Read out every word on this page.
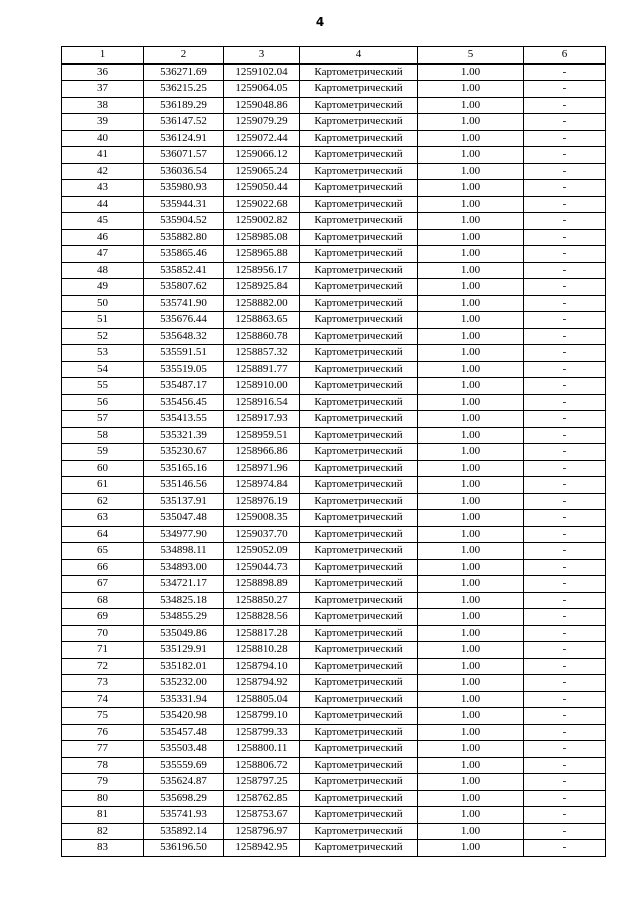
4
1	2	3	4	5	6
36	536271.69	1259102.04	Картометрический	1.00	-
37	536215.25	1259064.05	Картометрический	1.00	-
38	536189.29	1259048.86	Картометрический	1.00	-
39	536147.52	1259079.29	Картометрический	1.00	-
40	536124.91	1259072.44	Картометрический	1.00	-
41	536071.57	1259066.12	Картометрический	1.00	-
42	536036.54	1259065.24	Картометрический	1.00	-
43	535980.93	1259050.44	Картометрический	1.00	-
44	535944.31	1259022.68	Картометрический	1.00	-
45	535904.52	1259002.82	Картометрический	1.00	-
46	535882.80	1258985.08	Картометрический	1.00	-
47	535865.46	1258965.88	Картометрический	1.00	-
48	535852.41	1258956.17	Картометрический	1.00	-
49	535807.62	1258925.84	Картометрический	1.00	-
50	535741.90	1258882.00	Картометрический	1.00	-
51	535676.44	1258863.65	Картометрический	1.00	-
52	535648.32	1258860.78	Картометрический	1.00	-
53	535591.51	1258857.32	Картометрический	1.00	-
54	535519.05	1258891.77	Картометрический	1.00	-
55	535487.17	1258910.00	Картометрический	1.00	-
56	535456.45	1258916.54	Картометрический	1.00	-
57	535413.55	1258917.93	Картометрический	1.00	-
58	535321.39	1258959.51	Картометрический	1.00	-
59	535230.67	1258966.86	Картометрический	1.00	-
60	535165.16	1258971.96	Картометрический	1.00	-
61	535146.56	1258974.84	Картометрический	1.00	-
62	535137.91	1258976.19	Картометрический	1.00	-
63	535047.48	1259008.35	Картометрический	1.00	-
64	534977.90	1259037.70	Картометрический	1.00	-
65	534898.11	1259052.09	Картометрический	1.00	-
66	534893.00	1259044.73	Картометрический	1.00	-
67	534721.17	1258898.89	Картометрический	1.00	-
68	534825.18	1258850.27	Картометрический	1.00	-
69	534855.29	1258828.56	Картометрический	1.00	-
70	535049.86	1258817.28	Картометрический	1.00	-
71	535129.91	1258810.28	Картометрический	1.00	-
72	535182.01	1258794.10	Картометрический	1.00	-
73	535232.00	1258794.92	Картометрический	1.00	-
74	535331.94	1258805.04	Картометрический	1.00	-
75	535420.98	1258799.10	Картометрический	1.00	-
76	535457.48	1258799.33	Картометрический	1.00	-
77	535503.48	1258800.11	Картометрический	1.00	-
78	535559.69	1258806.72	Картометрический	1.00	-
79	535624.87	1258797.25	Картометрический	1.00	-
80	535698.29	1258762.85	Картометрический	1.00	-
81	535741.93	1258753.67	Картометрический	1.00	-
82	535892.14	1258796.97	Картометрический	1.00	-
83	536196.50	1258942.95	Картометрический	1.00	-
